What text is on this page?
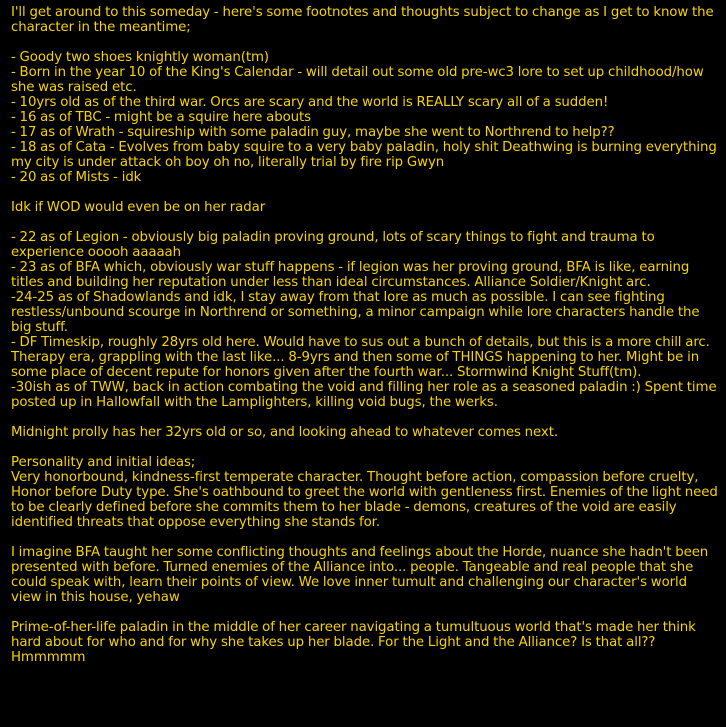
I'll get around to this someday - here's some footnotes and thoughts subject to change as I get to know the character in the meantime;
- Goody two shoes knightly woman(tm)
- Born in the year 10 of the King's Calendar - will detail out some old pre-wc3 lore to set up childhood/how she was raised etc.
- 10yrs old as of the third war. Orcs are scary and the world is REALLY scary all of a sudden!
- 16 as of TBC - might be a squire here abouts
- 17 as of Wrath - squireship with some paladin guy, maybe she went to Northrend to help??
- 18 as of Cata - Evolves from baby squire to a very baby paladin, holy shit Deathwing is burning everything my city is under attack oh boy oh no, literally trial by fire rip Gwyn
- 20 as of Mists - idk
Idk if WOD would even be on her radar
- 22 as of Legion - obviously big paladin proving ground, lots of scary things to fight and trauma to experience ooooh aaaaah
- 23 as of BFA which, obviously war stuff happens - if legion was her proving ground, BFA is like, earning titles and building her reputation under less than ideal circumstances. Alliance Soldier/Knight arc.
-24-25 as of Shadowlands and idk, I stay away from that lore as much as possible. I can see fighting restless/unbound scourge in Northrend or something, a minor campaign while lore characters handle the big stuff.
- DF Timeskip, roughly 28yrs old here. Would have to sus out a bunch of details, but this is a more chill arc. Therapy era, grappling with the last like... 8-9yrs and then some of THINGS happening to her. Might be in some place of decent repute for honors given after the fourth war... Stormwind Knight Stuff(tm).
-30ish as of TWW, back in action combating the void and filling her role as a seasoned paladin :) Spent time posted up in Hallowfall with the Lamplighters, killing void bugs, the werks.
Midnight prolly has her 32yrs old or so, and looking ahead to whatever comes next.
Personality and initial ideas;
Very honorbound, kindness-first temperate character. Thought before action, compassion before cruelty, Honor before Duty type. She's oathbound to greet the world with gentleness first. Enemies of the light need to be clearly defined before she commits them to her blade - demons, creatures of the void are easily identified threats that oppose everything she stands for.
I imagine BFA taught her some conflicting thoughts and feelings about the Horde, nuance she hadn't been presented with before. Turned enemies of the Alliance into... people. Tangeable and real people that she could speak with, learn their points of view. We love inner tumult and challenging our character's world view in this house, yehaw
Prime-of-her-life paladin in the middle of her career navigating a tumultuous world that's made her think hard about for who and for why she takes up her blade. For the Light and the Alliance? Is that all?? Hmmmmm
